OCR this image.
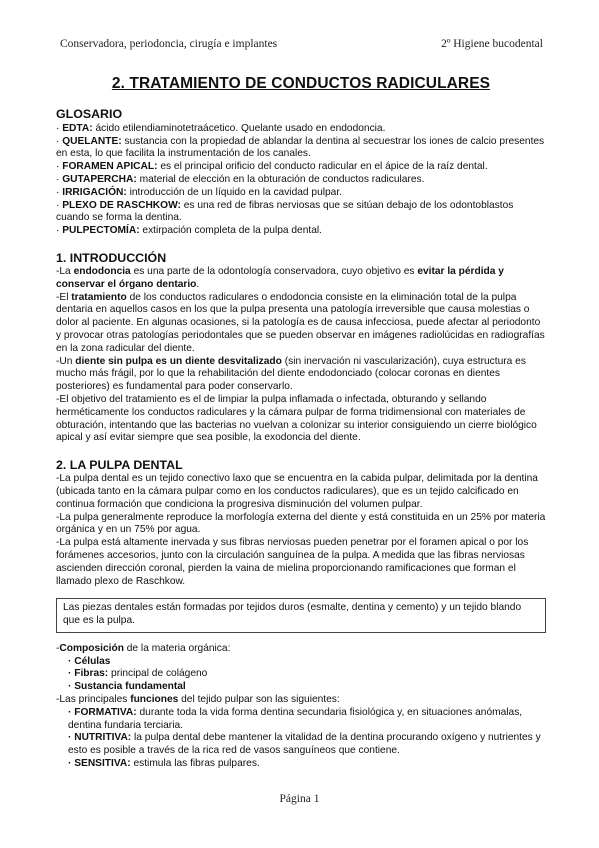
Conservadora, periodoncia, cirugía e implantes	2º Higiene bucodental
2. TRATAMIENTO DE CONDUCTOS RADICULARES
GLOSARIO

· EDTA: ácido etilendiaminotetraácetico. Quelante usado en endodoncia.

· QUELANTE: sustancia con la propiedad de ablandar la dentina al secuestrar los iones de calcio presentes en esta, lo que facilita la instrumentación de los canales.

· FORAMEN APICAL: es el principal orificio del conducto radicular en el ápice de la raíz dental.

· GUTAPERCHA: material de elección en la obturación de conductos radiculares.

· IRRIGACIÓN: introducción de un líquido en la cavidad pulpar.

· PLEXO DE RASCHKOW: es una red de fibras nerviosas que se sitúan debajo de los odontoblastos cuando se forma la dentina.

· PULPECTOMÍA: extirpación completa de la pulpa dental.

1. INTRODUCCIÓN

-La endodoncia es una parte de la odontología conservadora, cuyo objetivo es evitar la pérdida y conservar el órgano dentario.

-El tratamiento de los conductos radiculares o endodoncia consiste en la eliminación total de la pulpa dentaria en aquellos casos en los que la pulpa presenta una patología irreversible que causa molestias o dolor al paciente. En algunas ocasiones, si la patología es de causa infecciosa, puede afectar al periodonto y provocar otras patologías periodontales que se pueden observar en imágenes radiolúcidas en radiografías en la zona radicular del diente.

-Un diente sin pulpa es un diente desvitalizado (sin inervación ni vascularización), cuya estructura es mucho más frágil, por lo que la rehabilitación del diente endodonciado (colocar coronas en dientes posteriores) es fundamental para poder conservarlo.

-El objetivo del tratamiento es el de limpiar la pulpa inflamada o infectada, obturando y sellando herméticamente los conductos radiculares y la cámara pulpar de forma tridimensional con materiales de obturación, intentando que las bacterias no vuelvan a colonizar su interior consiguiendo un cierre biológico apical y así evitar siempre que sea posible, la exodoncia del diente.

2. LA PULPA DENTAL

-La pulpa dental es un tejido conectivo laxo que se encuentra en la cabida pulpar, delimitada por la dentina (ubicada tanto en la cámara pulpar como en los conductos radiculares), que es un tejido calcificado en continua formación que condiciona la progresiva disminución del volumen pulpar.

-La pulpa generalmente reproduce la morfología externa del diente y está constituida en un 25% por materia orgánica y en un 75% por agua.

-La pulpa está altamente inervada y sus fibras nerviosas pueden penetrar por el foramen apical o por los forámenes accesorios, junto con la circulación sanguínea de la pulpa. A medida que las fibras nerviosas ascienden dirección coronal, pierden la vaina de mielina proporcionando ramificaciones que forman el llamado plexo de Raschkow.

Las piezas dentales están formadas por tejidos duros (esmalte, dentina y cemento) y un tejido blando que es la pulpa.

-Composición de la materia orgánica:

· Células

· Fibras: principal de colágeno

· Sustancia fundamental

-Las principales funciones del tejido pulpar son las siguientes:

· FORMATIVA: durante toda la vida forma dentina secundaria fisiológica y, en situaciones anómalas, dentina fundaria terciaria.

· NUTRITIVA: la pulpa dental debe mantener la vitalidad de la dentina procurando oxígeno y nutrientes y esto es posible a través de la rica red de vasos sanguíneos que contiene.

· SENSITIVA: estimula las fibras pulpares.

Página 1
